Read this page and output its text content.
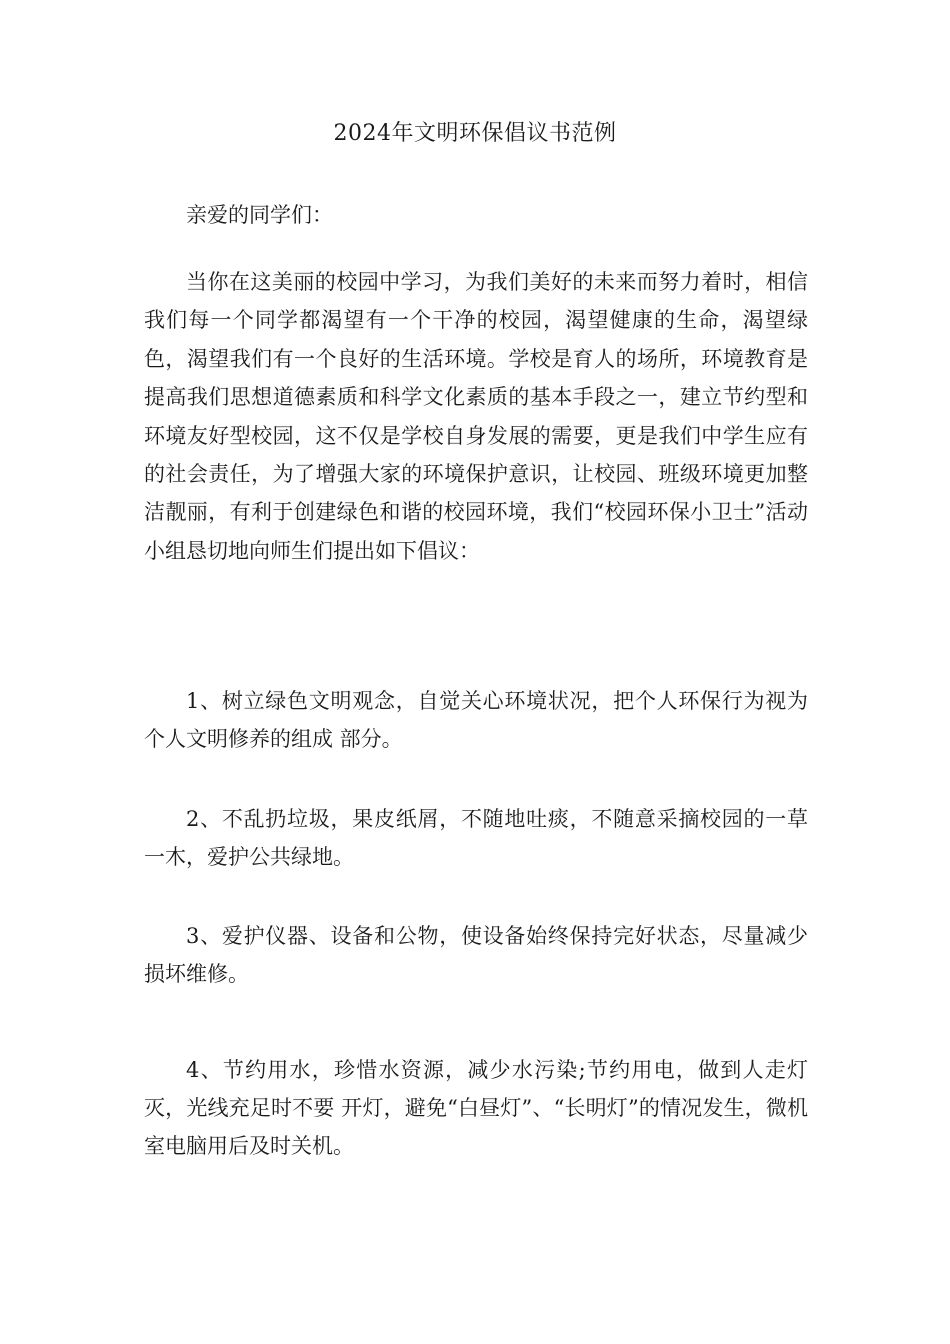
2024年文明环保倡议书范例

亲爱的同学们：

当你在这美丽的校园中学习，为我们美好的未来而努力着时，相信我们每一个同学都渴望有一个干净的校园，渴望健康的生命，渴望绿色，渴望我们有一个良好的生活环境。学校是育人的场所，环境教育是提高我们思想道德素质和科学文化素质的基本手段之一，建立节约型和环境友好型校园，这不仅是学校自身发展的需要，更是我们中学生应有的社会责任，为了增强大家的环境保护意识，让校园、班级环境更加整洁靓丽，有利于创建绿色和谐的校园环境，我们“校园环保小卫士”活动小组恳切地向师生们提出如下倡议：

1、树立绿色文明观念，自觉关心环境状况，把个人环保行为视为个人文明修养的组成 部分。

2、不乱扔垃圾，果皮纸屑，不随地吐痰，不随意采摘校园的一草一木，爱护公共绿地。

3、爱护仪器、设备和公物，使设备始终保持完好状态，尽量减少损坏维修。

4、节约用水，珍惜水资源，减少水污染;节约用电，做到人走灯灭，光线充足时不要 开灯，避免“白昼灯”、“长明灯”的情况发生，微机室电脑用后及时关机。
